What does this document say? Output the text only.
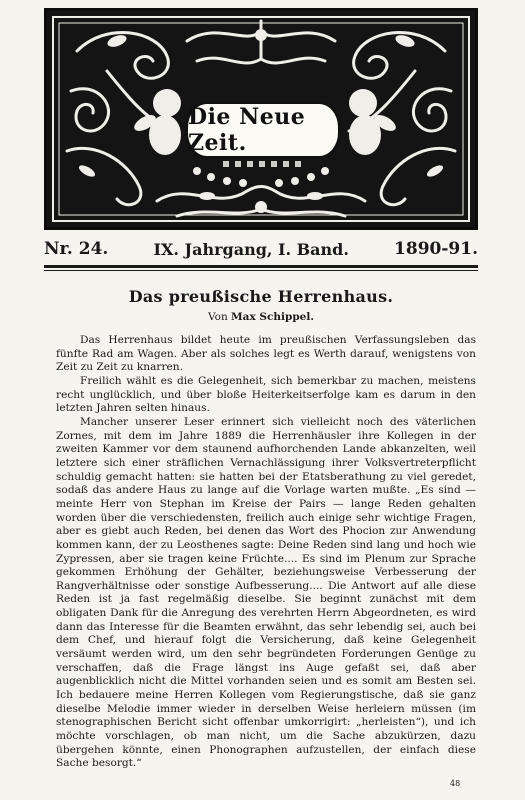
Die Neue Zeit.
Nr. 24.	IX. Jahrgang, I. Band.	1890-91.
Das preußische Herrenhaus.
Von Max Schippel.

Das Herrenhaus bildet heute im preußischen Verfassungsleben das fünfte Rad am Wagen. Aber als solches legt es Werth darauf, wenigstens von Zeit zu Zeit zu knarren.

Freilich wählt es die Gelegenheit, sich bemerkbar zu machen, meistens recht unglücklich, und über bloße Heiterkeitserfolge kam es darum in den letzten Jahren selten hinaus.

Mancher unserer Leser erinnert sich vielleicht noch des väterlichen Zornes, mit dem im Jahre 1889 die Herrenhäusler ihre Kollegen in der zweiten Kammer vor dem staunend aufhorchenden Lande abkanzelten, weil letztere sich einer sträflichen Vernachlässigung ihrer Volksvertreterpflicht schuldig gemacht hatten: sie hatten bei der Etatsberathung zu viel geredet, sodaß das andere Haus zu lange auf die Vorlage warten mußte. „Es sind — meinte Herr von Stephan im Kreise der Pairs — lange Reden gehalten worden über die verschiedensten, freilich auch einige sehr wichtige Fragen, aber es giebt auch Reden, bei denen das Wort des Phocion zur Anwendung kommen kann, der zu Leosthenes sagte: Deine Reden sind lang und hoch wie Zypressen, aber sie tragen keine Früchte.... Es sind im Plenum zur Sprache gekommen Erhöhung der Gehälter, beziehungsweise Verbesserung der Rangverhältnisse oder sonstige Aufbesserung.... Die Antwort auf alle diese Reden ist ja fast regelmäßig dieselbe. Sie beginnt zunächst mit dem obligaten Dank für die Anregung des verehrten Herrn Abgeordneten, es wird dann das Interesse für die Beamten erwähnt, das sehr lebendig sei, auch bei dem Chef, und hierauf folgt die Versicherung, daß keine Gelegenheit versäumt werden wird, um den sehr begründeten Forderungen Genüge zu verschaffen, daß die Frage längst ins Auge gefaßt sei, daß aber augenblicklich nicht die Mittel vorhanden seien und es somit am Besten sei. Ich bedauere meine Herren Kollegen vom Regierungstische, daß sie ganz dieselbe Melodie immer wieder in derselben Weise herleiern müssen (im stenographischen Bericht sicht offenbar umkorrigirt: „herleisten“), und ich möchte vorschlagen, ob man nicht, um die Sache abzukürzen, dazu übergehen könnte, einen Phonographen aufzustellen, der einfach diese Sache besorgt.“

48
